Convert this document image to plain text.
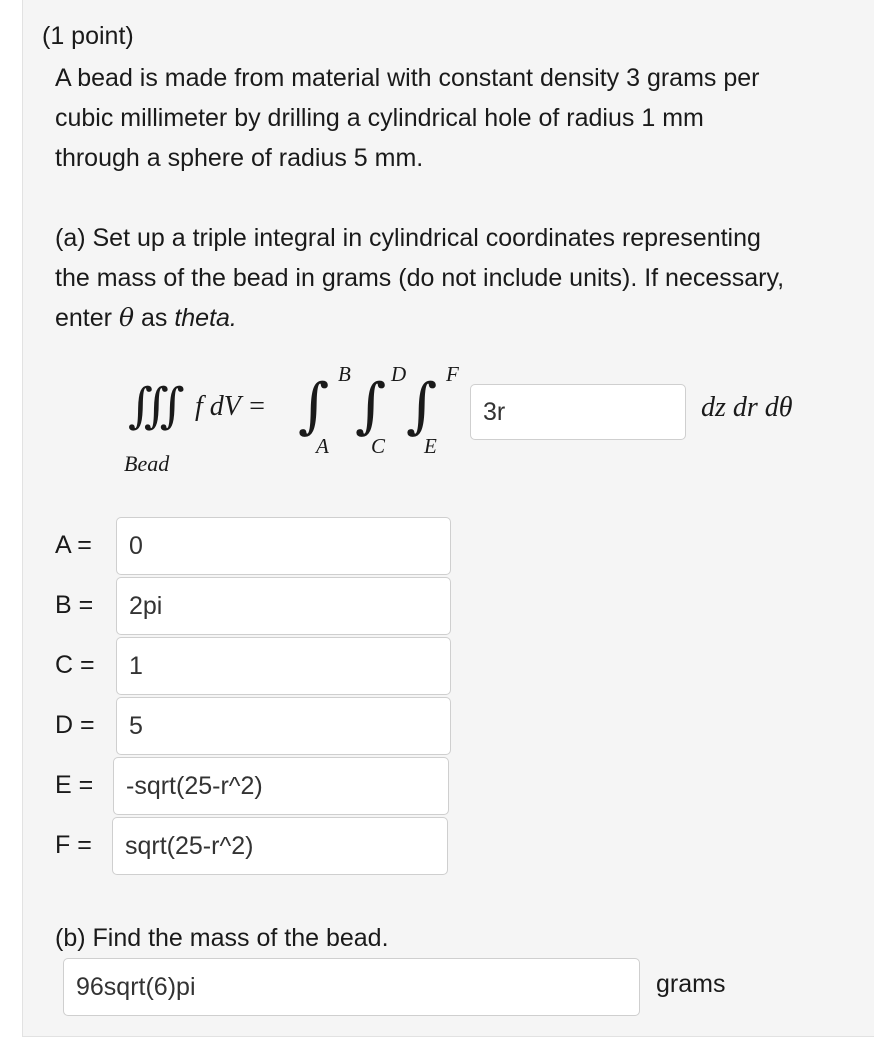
(1 point)
A bead is made from material with constant density 3 grams per
cubic millimeter by drilling a cylindrical hole of radius 1 mm
through a sphere of radius 5 mm.
(a) Set up a triple integral in cylindrical coordinates representing
the mass of the bead in grams (do not include units). If necessary,
enter θ as theta.
∭ f dV =
Bead
∫ B
A
∫ D
C
∫ F
E
3r	dz dr dθ
A = 0
B = 2pi
C = 1
D = 5
E = -sqrt(25-r^2)
F = sqrt(25-r^2)
(b) Find the mass of the bead.
96sqrt(6)pi	grams
